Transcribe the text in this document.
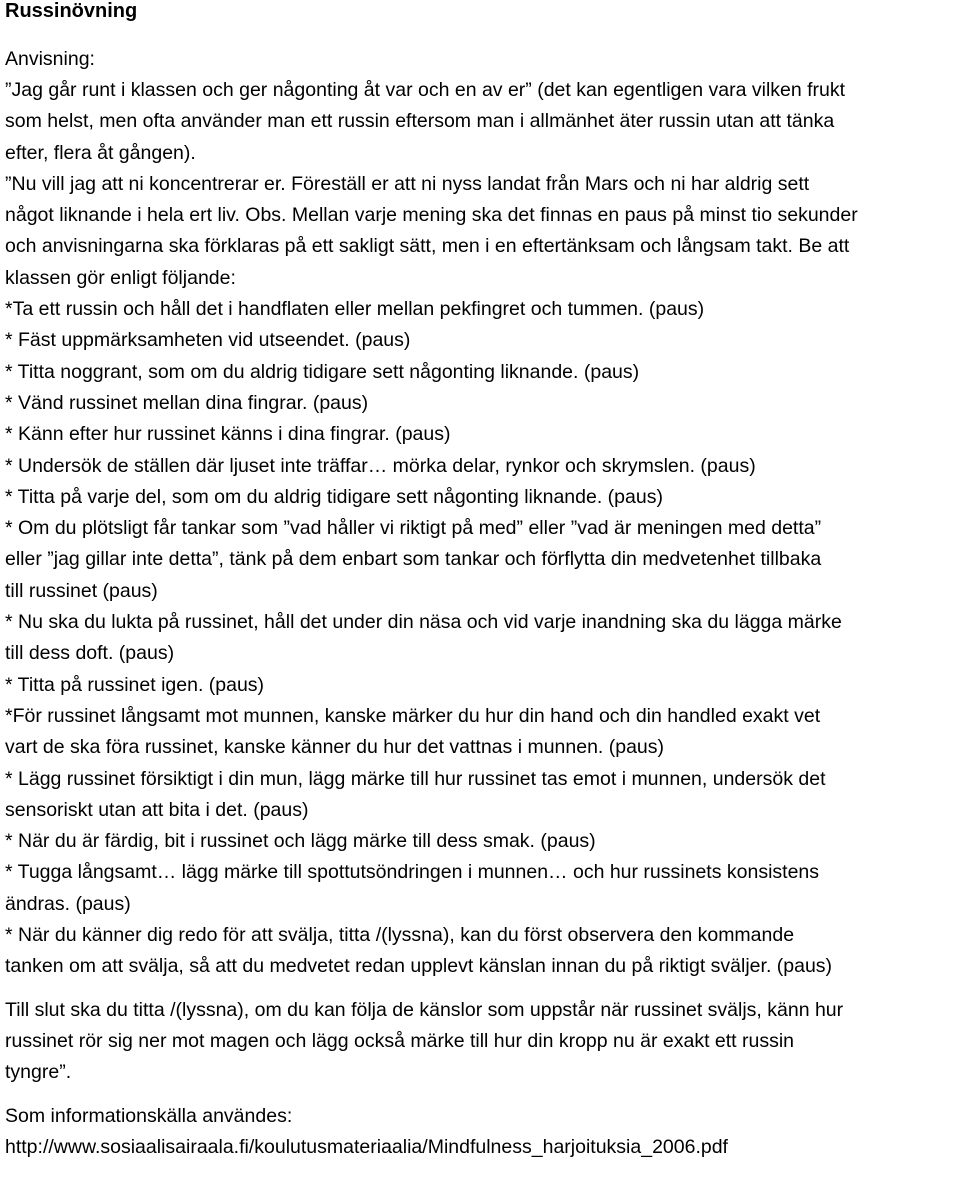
Russinövning
Anvisning:
”Jag går runt i klassen och ger någonting åt var och en av er” (det kan egentligen vara vilken frukt
som helst, men ofta använder man ett russin eftersom man i allmänhet äter russin utan att tänka
efter, flera åt gången).
”Nu vill jag att ni koncentrerar er. Föreställ er att ni nyss landat från Mars och ni har aldrig sett
något liknande i hela ert liv. Obs. Mellan varje mening ska det finnas en paus på minst tio sekunder
och anvisningarna ska förklaras på ett sakligt sätt, men i en eftertänksam och långsam takt. Be att
klassen gör enligt följande:
*Ta ett russin och håll det i handflaten eller mellan pekfingret och tummen. (paus)
* Fäst uppmärksamheten vid utseendet. (paus)
* Titta noggrant, som om du aldrig tidigare sett någonting liknande. (paus)
* Vänd russinet mellan dina fingrar. (paus)
* Känn efter hur russinet känns i dina fingrar. (paus)
* Undersök de ställen där ljuset inte träffar… mörka delar, rynkor och skrymslen. (paus)
* Titta på varje del, som om du aldrig tidigare sett någonting liknande. (paus)
* Om du plötsligt får tankar som ”vad håller vi riktigt på med” eller ”vad är meningen med detta”
eller ”jag gillar inte detta”, tänk på dem enbart som tankar och förflytta din medvetenhet tillbaka
till russinet (paus)
* Nu ska du lukta på russinet, håll det under din näsa och vid varje inandning ska du lägga märke
till dess doft. (paus)
* Titta på russinet igen. (paus)
*För russinet långsamt mot munnen, kanske märker du hur din hand och din handled exakt vet
vart de ska föra russinet, kanske känner du hur det vattnas i munnen. (paus)
* Lägg russinet försiktigt i din mun, lägg märke till hur russinet tas emot i munnen, undersök det
sensoriskt utan att bita i det. (paus)
* När du är färdig, bit i russinet och lägg märke till dess smak. (paus)
* Tugga långsamt… lägg märke till spottutsöndringen i munnen… och hur russinets konsistens
ändras. (paus)
* När du känner dig redo för att svälja, titta /(lyssna), kan du först observera den kommande
tanken om att svälja, så att du medvetet redan upplevt känslan innan du på riktigt sväljer. (paus)
Till slut ska du titta /(lyssna), om du kan följa de känslor som uppstår när russinet sväljs, känn hur
russinet rör sig ner mot magen och lägg också märke till hur din kropp nu är exakt ett russin
tyngre”.
Som informationskälla användes:
http://www.sosiaalisairaala.fi/koulutusmateriaalia/Mindfulness_harjoituksia_2006.pdf
